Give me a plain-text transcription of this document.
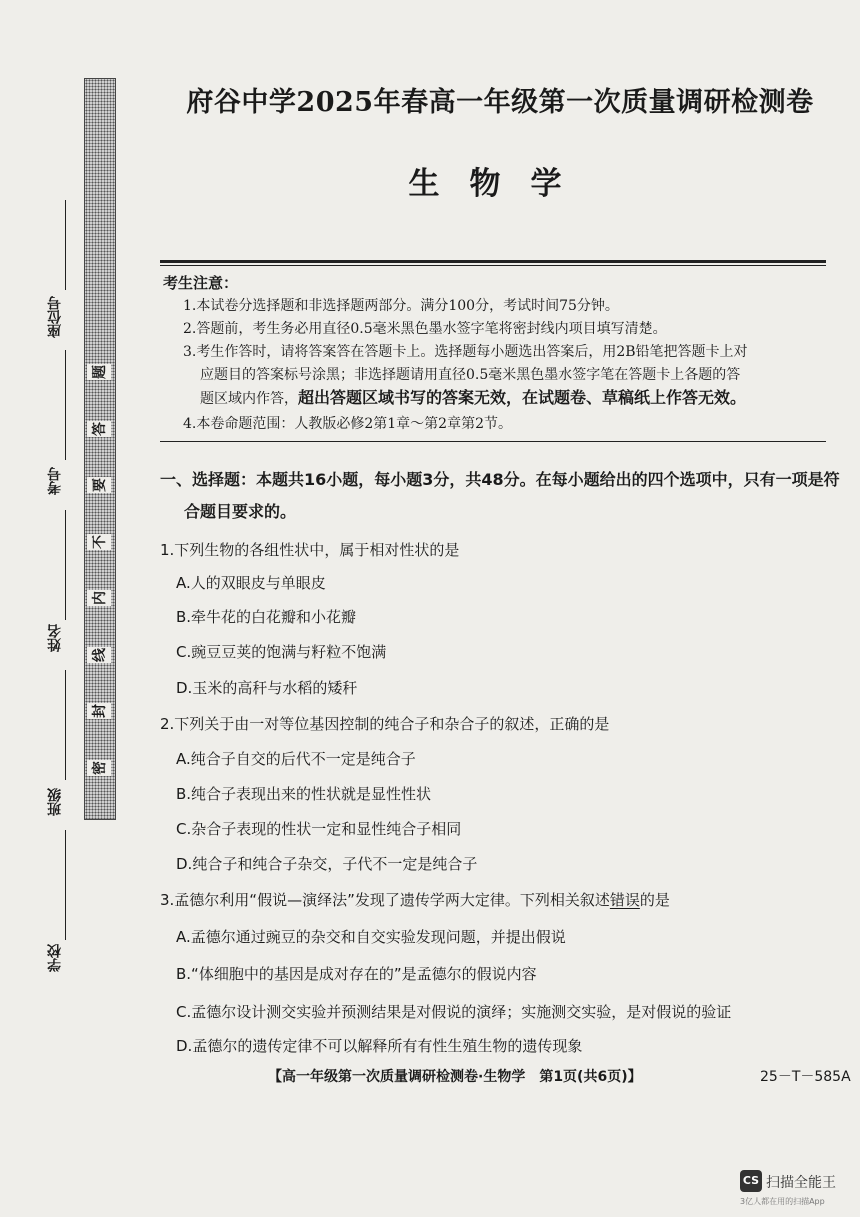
题
答
要
不
内
线
封
密
座位号
考号
姓名
班级
学校
府谷中学2025年春高一年级第一次质量调研检测卷
生物学
考生注意：
1.本试卷分选择题和非选择题两部分。满分100分，考试时间75分钟。
2.答题前，考生务必用直径0.5毫米黑色墨水签字笔将密封线内项目填写清楚。
3.考生作答时，请将答案答在答题卡上。选择题每小题选出答案后，用2B铅笔把答题卡上对
应题目的答案标号涂黑；非选择题请用直径0.5毫米黑色墨水签字笔在答题卡上各题的答
题区域内作答，超出答题区域书写的答案无效，在试题卷、草稿纸上作答无效。
4.本卷命题范围：人教版必修2第1章～第2章第2节。
一、选择题：本题共16小题，每小题3分，共48分。在每小题给出的四个选项中，只有一项是符
合题目要求的。
1.下列生物的各组性状中，属于相对性状的是
A.人的双眼皮与单眼皮
B.牵牛花的白花瓣和小花瓣
C.豌豆豆荚的饱满与籽粒不饱满
D.玉米的高秆与水稻的矮秆
2.下列关于由一对等位基因控制的纯合子和杂合子的叙述，正确的是
A.纯合子自交的后代不一定是纯合子
B.纯合子表现出来的性状就是显性性状
C.杂合子表现的性状一定和显性纯合子相同
D.纯合子和纯合子杂交，子代不一定是纯合子
3.孟德尔利用“假说—演绎法”发现了遗传学两大定律。下列相关叙述错误的是
A.孟德尔通过豌豆的杂交和自交实验发现问题，并提出假说
B.“体细胞中的基因是成对存在的”是孟德尔的假说内容
C.孟德尔设计测交实验并预测结果是对假说的演绎；实施测交实验，是对假说的验证
D.孟德尔的遗传定律不可以解释所有有性生殖生物的遗传现象
【高一年级第一次质量调研检测卷·生物学　第1页(共6页)】	25－T－585A
CS 扫描全能王
3亿人都在用的扫描App
